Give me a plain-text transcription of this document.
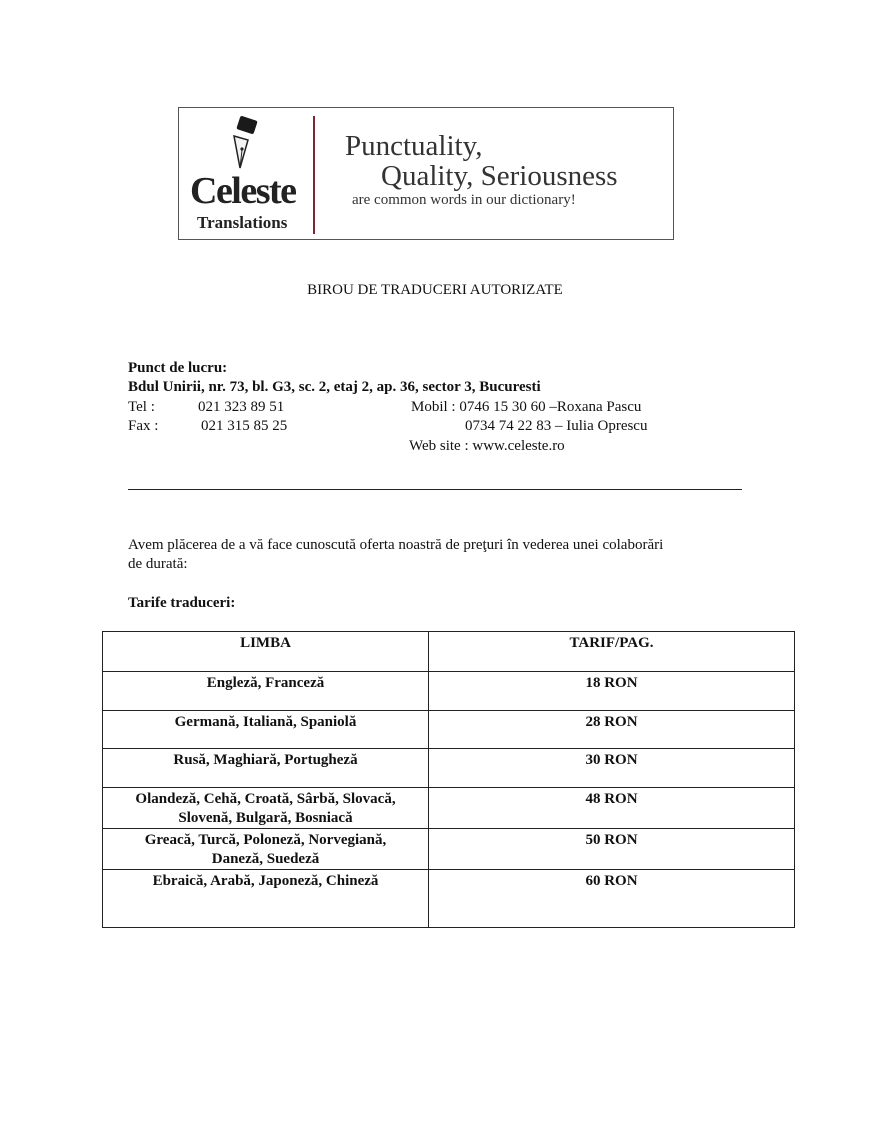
Celeste
Translations
Punctuality,
Quality, Seriousness
are common words in our dictionary!
BIROU DE TRADUCERI AUTORIZATE
Punct de lucru:
Bdul Unirii, nr. 73, bl. G3, sc. 2, etaj 2, ap. 36, sector 3, Bucuresti
Tel :	021 323 89 51	Mobil : 0746 15 30 60 –Roxana Pascu
Fax :	021 315 85 25	0734 74 22 83 – Iulia Oprescu
Web site : www.celeste.ro
Avem plăcerea de a vă face cunoscută oferta noastră de preţuri în vederea unei colaborări
de durată:
Tarife traduceri:
LIMBA	TARIF/PAG.

Engleză, Franceză	18 RON

Germană, Italiană, Spaniolă	28 RON

Rusă, Maghiară, Portugheză	30 RON

Olandeză, Cehă, Croată, Sârbă, Slovacă,
Slovenă, Bulgară, Bosniacă	48 RON

Greacă, Turcă, Poloneză, Norvegiană,
Daneză, Suedeză	50 RON

Ebraică, Arabă, Japoneză, Chineză	60 RON
